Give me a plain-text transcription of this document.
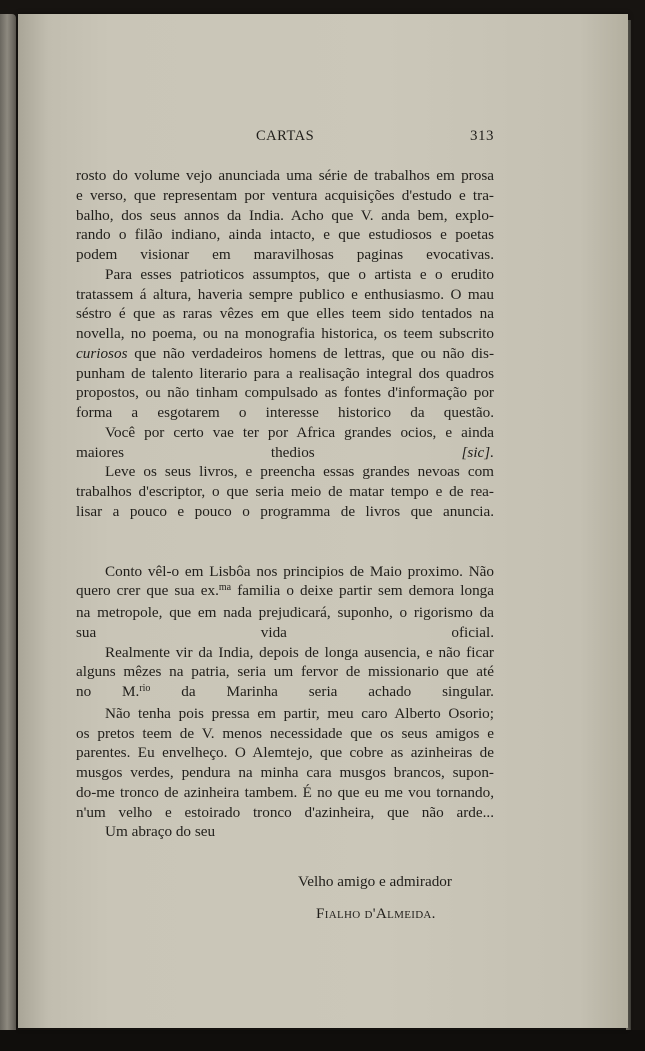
CARTAS	313

rosto do volume vejo anunciada uma série de trabalhos em prosa
e verso, que representam por ventura acquisições d'estudo e tra-
balho, dos seus annos da India. Acho que V. anda bem, explo-
rando o filão indiano, ainda intacto, e que estudiosos e poetas
podem visionar em maravilhosas paginas evocativas.

Para esses patrioticos assumptos, que o artista e o erudito
tratassem á altura, haveria sempre publico e enthusiasmo. O mau
séstro é que as raras vêzes em que elles teem sido tentados na
novella, no poema, ou na monografia historica, os teem subscrito
curiosos que não verdadeiros homens de lettras, que ou não dis-
punham de talento literario para a realisação integral dos quadros
propostos, ou não tinham compulsado as fontes d'informação por
forma a esgotarem o interesse historico da questão.

Você por certo vae ter por Africa grandes ocios, e ainda
maiores thedios	[sic].

Leve os seus livros, e preencha essas grandes nevoas com
trabalhos d'escriptor, o que seria meio de matar tempo e de rea-
lisar a pouco e pouco o programma de livros que anuncia.

Conto vêl-o em Lisbôa nos principios de Maio proximo. Não
quero crer que sua ex.$^{ma}$ familia o deixe partir sem demora longa
na metropole, que em nada prejudicará, suponho, o rigorismo da
sua vida oficial.

Realmente vir da India, depois de longa ausencia, e não ficar
alguns mêzes na patria, seria um fervor de missionario que até
no M.$^{rio}$ da Marinha seria achado singular.

Não tenha pois pressa em partir, meu caro Alberto Osorio;
os pretos teem de V. menos necessidade que os seus amigos e
parentes. Eu envelheço. O Alemtejo, que cobre as azinheiras de
musgos verdes, pendura na minha cara musgos brancos, supon-
do-me tronco de azinheira tambem. É no que eu me vou tornando,
n'um velho e estoirado tronco d'azinheira, que não arde...

Um abraço do seu

Velho amigo e admirador
Fialho d'Almeida.
